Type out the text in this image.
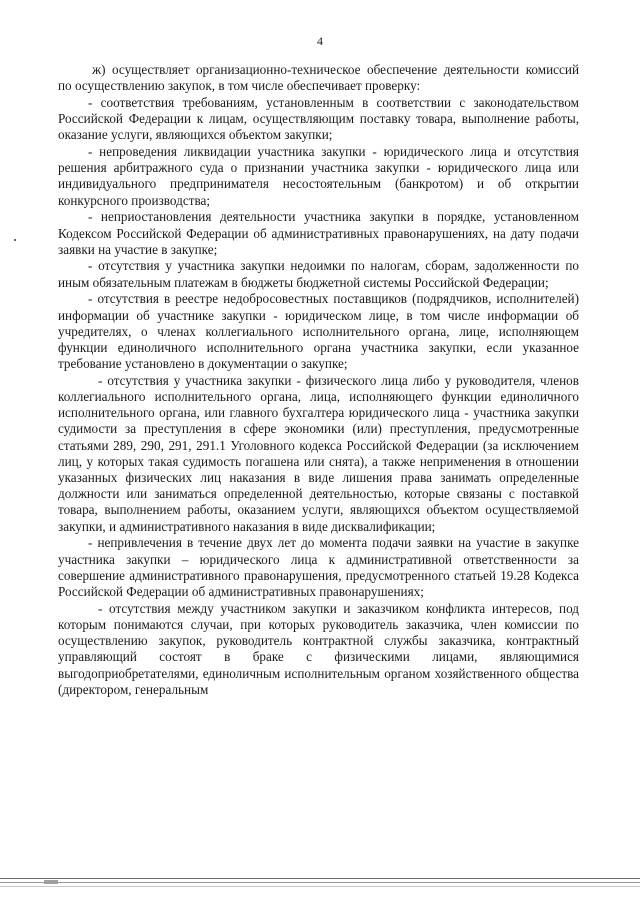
4

ж) осуществляет организационно-техническое обеспечение деятельности комиссий по осуществлению закупок, в том числе обеспечивает проверку:

- соответствия требованиям, установленным в соответствии с законодательством Российской Федерации к лицам, осуществляющим поставку товара, выполнение работы, оказание услуги, являющихся объектом закупки;

- непроведения ликвидации участника закупки - юридического лица и отсутствия решения арбитражного суда о признании участника закупки - юридического лица или индивидуального предпринимателя несостоятельным (банкротом) и об открытии конкурсного производства;

- неприостановления деятельности участника закупки в порядке, установленном Кодексом Российской Федерации об административных правонарушениях, на дату подачи заявки на участие в закупке;

- отсутствия у участника закупки недоимки по налогам, сборам, задолженности по иным обязательным платежам в бюджеты бюджетной системы Российской Федерации;

- отсутствия в реестре недобросовестных поставщиков (подрядчиков, исполнителей) информации об участнике закупки - юридическом лице, в том числе информации об учредителях, о членах коллегиального исполнительного органа, лице, исполняющем функции единоличного исполнительного органа участника закупки, если указанное требование установлено в документации о закупке;

- отсутствия у участника закупки - физического лица либо у руководителя, членов коллегиального исполнительного органа, лица, исполняющего функции единоличного исполнительного органа, или главного бухгалтера юридического лица - участника закупки судимости за преступления в сфере экономики (или) преступления, предусмотренные статьями 289, 290, 291, 291.1 Уголовного кодекса Российской Федерации (за исключением лиц, у которых такая судимость погашена или снята), а также неприменения в отношении указанных физических лиц наказания в виде лишения права занимать определенные должности или заниматься определенной деятельностью, которые связаны с поставкой товара, выполнением работы, оказанием услуги, являющихся объектом осуществляемой закупки, и административного наказания в виде дисквалификации;

- непривлечения в течение двух лет до момента подачи заявки на участие в закупке участника закупки – юридического лица к административной ответственности за совершение административного правонарушения, предусмотренного статьей 19.28 Кодекса Российской Федерации об административных правонарушениях;

- отсутствия между участником закупки и заказчиком конфликта интересов, под которым понимаются случаи, при которых руководитель заказчика, член комиссии по осуществлению закупок, руководитель контрактной службы заказчика, контрактный управляющий состоят в браке с физическими лицами, являющимися выгодоприобретателями, единоличным исполнительным органом хозяйственного общества (директором, генеральным
